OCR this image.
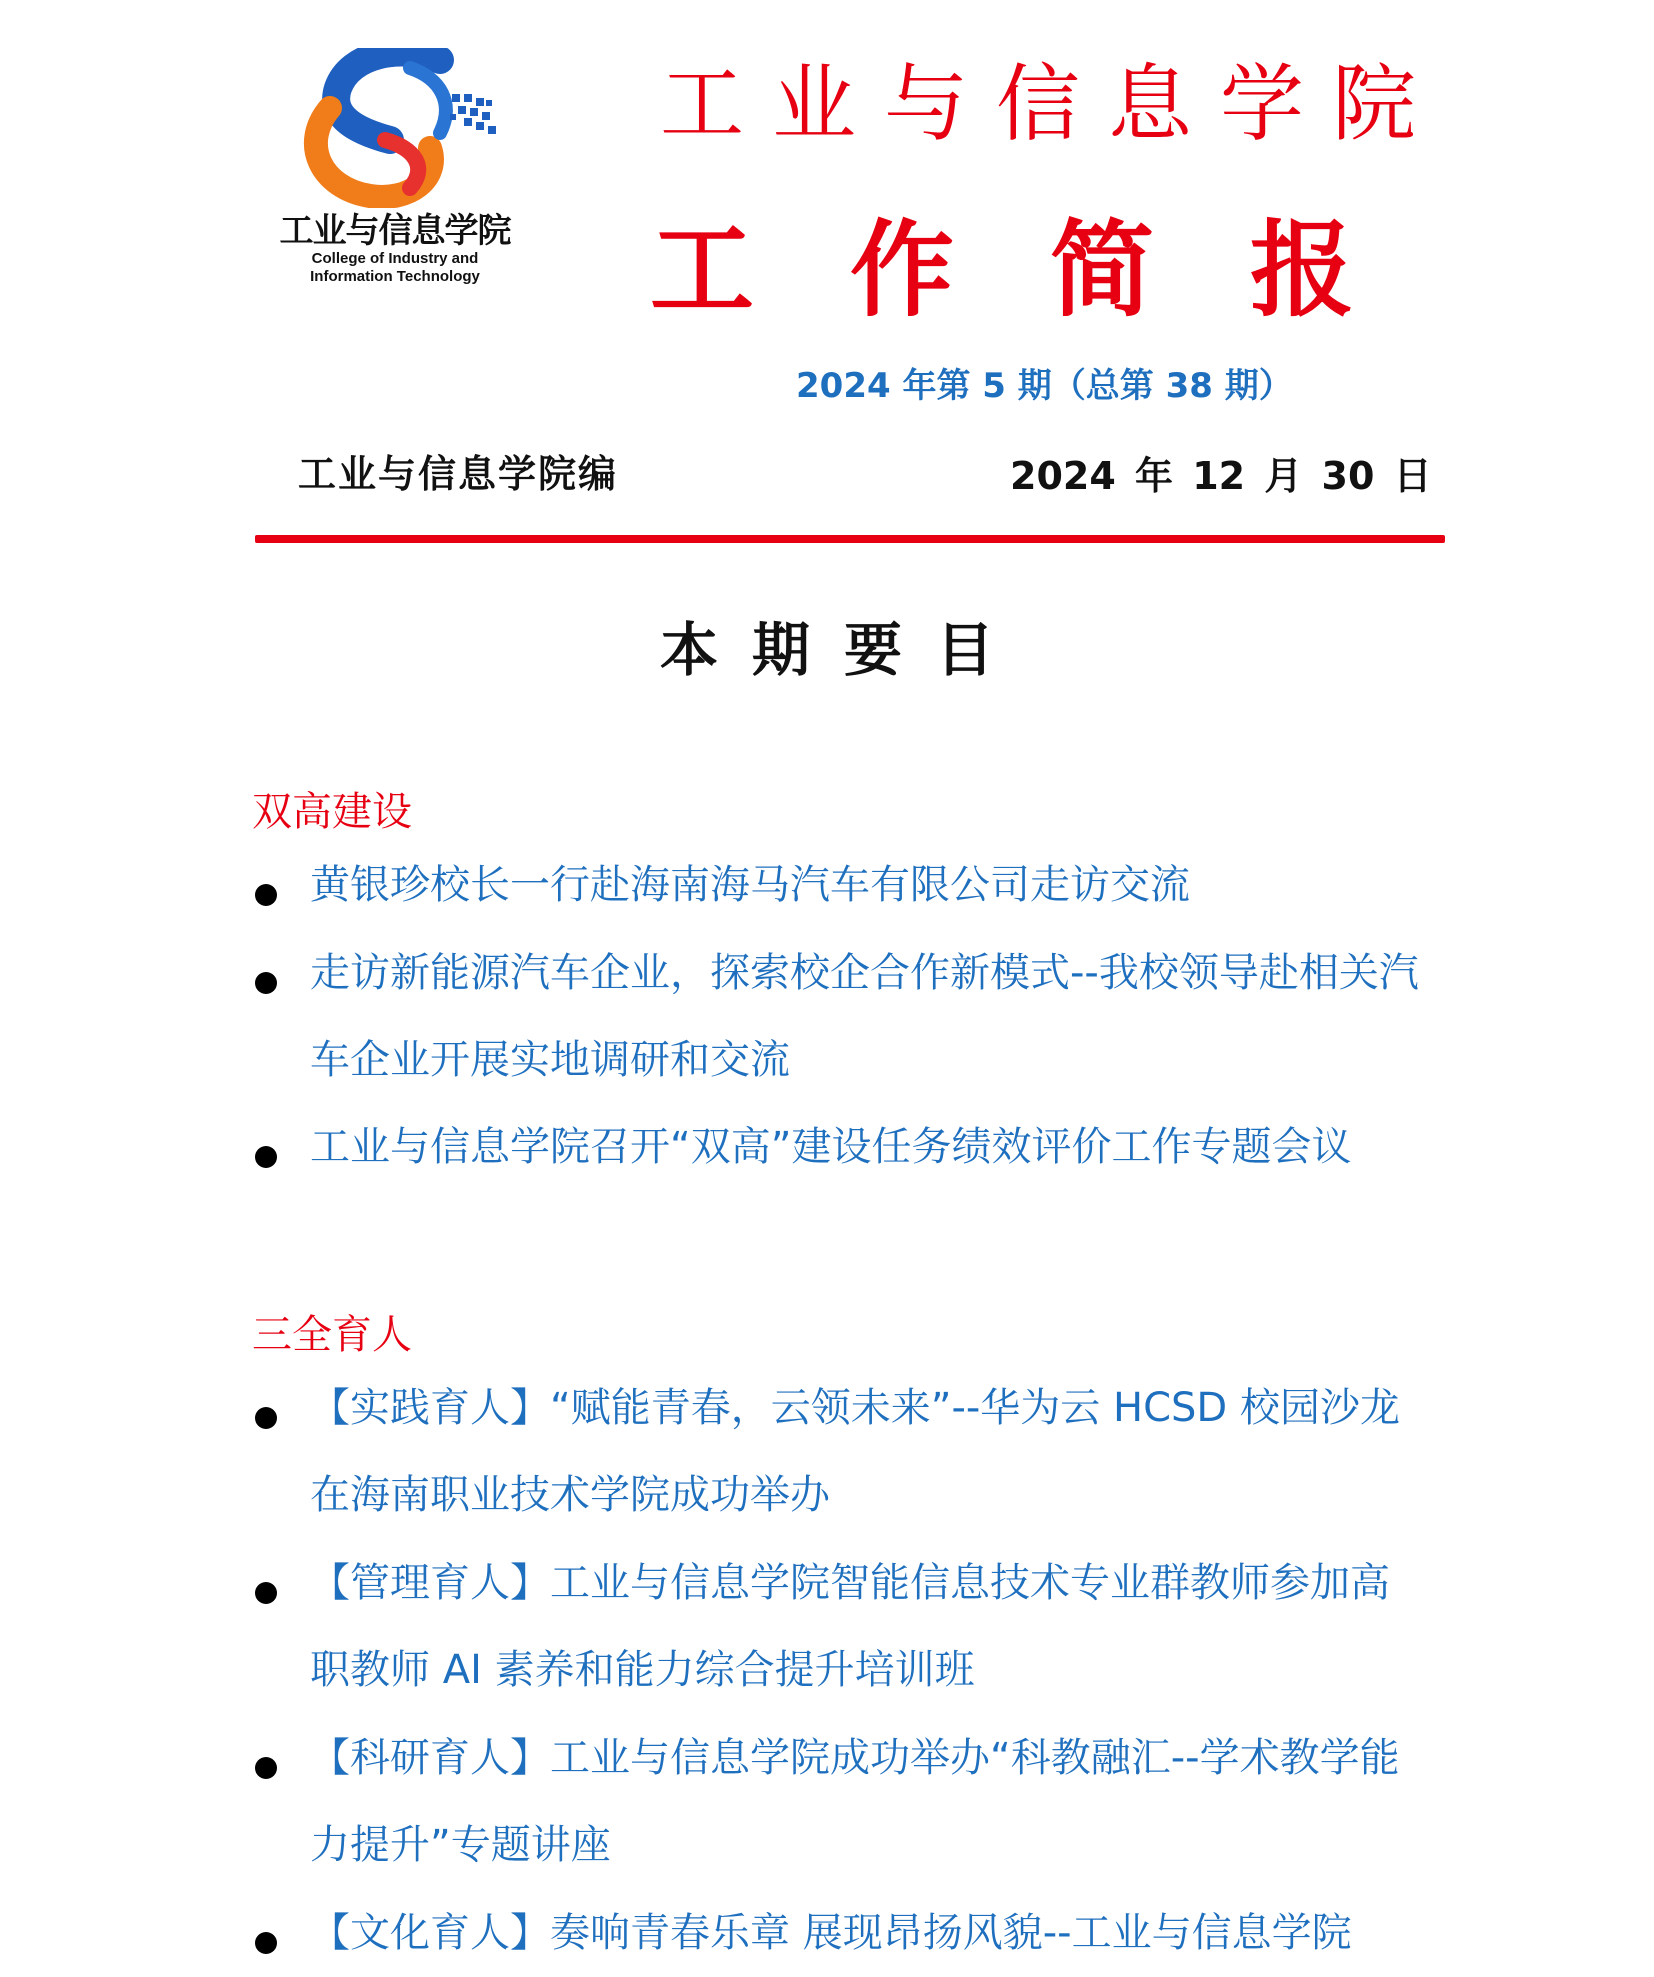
工业与信息学院
College of Industry and
Information Technology
工业与信息学院
工作简报
2024 年第 5 期（总第 38 期）
工业与信息学院编	2024 年 12 月 30 日
本期要目
双高建设
黄银珍校长一行赴海南海马汽车有限公司走访交流
走访新能源汽车企业，探索校企合作新模式--我校领导赴相关汽车企业开展实地调研和交流
工业与信息学院召开“双高”建设任务绩效评价工作专题会议
三全育人
【实践育人】“赋能青春，云领未来”--华为云 HCSD 校园沙龙在海南职业技术学院成功举办
【管理育人】工业与信息学院智能信息技术专业群教师参加高职教师 AI 素养和能力综合提升培训班
【科研育人】工业与信息学院成功举办“科教融汇--学术教学能力提升”专题讲座
【文化育人】奏响青春乐章 展现昂扬风貌--工业与信息学院
